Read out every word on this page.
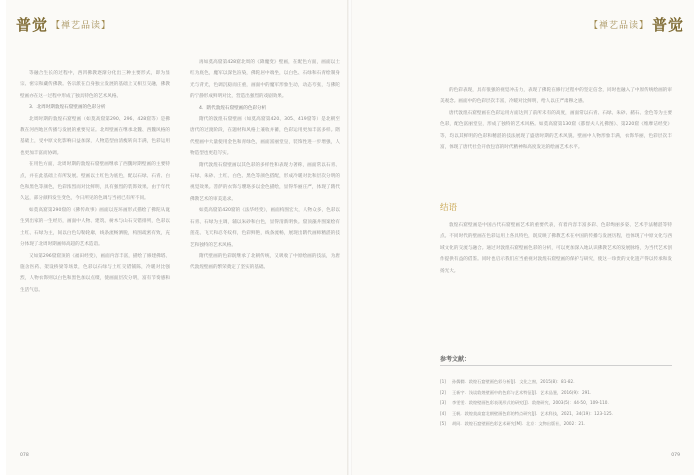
普觉 【禅艺品读】

等融合生长的过程中，西凹佛教逐渐分化出三种主要形式，即为显宗、密宗和藏传佛教。各宗派在自身独立发展的基础上又相互交融，佛教壁画亦在这一过程中形成了独具特色的艺术风格。

3．北周时期敦煌石窟壁画的色彩分析

北周时期的敦煌石窟壁画（如莫高窟第290、296、428窟等）是佛教在河西地区传播与发展的重要见证。北周壁画在继承北魏、西魏风格的基础上，受中原文化影响日益加深，人物造型由清瘦转向丰满，色彩运用也更加丰富而协调。

在用色方面，北周时期的敦煌石窟壁画继承了西魏时期壁画的主要特点，并在此基础上有所发展。壁画以土红色为底色，配以石绿、石青、白色和黑色等颜色，色彩浓烈而对比鲜明，具有强烈的装饰效果。由于年代久远，部分颜料发生变色，今日所见的色调与当初已有所不同。

如莫高窟第290窟的《佛传故事》画面以连环画形式描绘了佛陀从诞生到出家的一生经历，画面中人物、建筑、树木与山石交错排列，色彩以土红、石绿为主，间以白色勾勒轮廓，线条流畅洒脱，构图疏密有致，充分体现了北周时期画师高超的艺术造诣。

又如第296窟窟顶的《福田经变》，画面内容丰富，描绘了修建佛塔、施舍医药、架设桥梁等场景，色彩以石绿与土红交错铺陈，冷暖对比强烈，人物衣饰则以白色和黑色加以点缀，使画面层次分明，富有节奏感和生活气息。

再如莫高窟第428窟北周的《降魔变》壁画，在配色方面，画面以土红为底色，魔军以深色渲染，佛陀居中端坐，以白色、石绿和石青绘制身光与背光，色调沉稳而庄重，画面中的魔军形象生动，动态夸张，与佛陀的宁静形成鲜明对比，营造出强烈的戏剧效果。

4．隋代敦煌石窟壁画的色彩分析

隋代的敦煌石窟壁画（如莫高窟第420、305、419窟等）是北朝至唐代的过渡阶段，在题材和风格上兼收并蓄，色彩运用更加丰富多样。隋代壁画中大量使用金色和青绿色，画面富丽堂皇，装饰性进一步增强，人物造型也更趋写实。

隋代敦煌石窟壁画以其色彩的多样性和表现力著称，画面常以石青、石绿、朱砂、土红、白色、黑色等颜色搭配，形成冷暖对比和层次分明的视觉效果。菩萨的衣饰与璎珞多以金色描绘，显得华丽庄严，体现了隋代佛教艺术的审美追求。

如莫高窟第420窟的《法华经变》，画面构图宏大，人物众多，色彩以石青、石绿为主调，辅以朱砂和白色，显得清新明快。窟顶藻井图案绘有莲花、飞天和忍冬纹样，色彩鲜艳，线条流畅，展现出隋代画师精湛的技艺和独特的艺术风格。

隋代壁画的色彩既继承了北朝传统，又吸收了中原绘画的技法，为唐代敦煌壁画的繁荣奠定了坚实的基础。

078
【禅艺品读】 普觉

的色彩表现，具有很强的视觉冲击力，表现了佛陀在修行过程中的坚定信念，同时也融入了中原传统绘画的审美观念。画面中的色彩层次丰富，冷暖对比鲜明，给人以庄严肃穆之感。

唐代敦煌石窟壁画在色彩运用方面达到了前所未有的高度，画面常以石青、石绿、朱砂、赭石、金色等为主要色彩，配色富丽堂皇，形成了独特的艺术风格。如莫高窟第130窟《都督夫人礼佛图》、第220窟《维摩诘经变》等，均以其鲜明的色彩和精湛的技法展现了盛唐时期的艺术风貌。壁画中人物形象丰满，衣饰华丽，色彩层次丰富，体现了唐代社会开放包容的时代精神和高度发达的绘画艺术水平。

结语

敦煌石窟壁画是中国古代石窟壁画艺术的重要代表，有着内容丰富多彩、色彩绚丽多姿、艺术手法精湛等特点。不同时代的壁画在色彩运用上各具特色，既反映了佛教艺术在中国的传播与发展历程，也体现了中原文化与西域文化的交流与融合。通过对敦煌石窟壁画色彩的分析，可以更加深入地认识佛教艺术的发展脉络，为当代艺术创作提供有益的借鉴。同时也启示我们应当重视对敦煌石窟壁画的保护与研究，使这一珍贵的文化遗产得以传承和发扬光大。

参考文献：
[1] 孙儒僩．敦煌石窟壁画色彩分析[J]．文化之窗，2015(8)：81-82．
[2] 王新宇．浅谈敦煌壁画中的色彩与艺术特征[J]．艺术品鉴，2016(9)：291．
[3] 李雯雯．敦煌壁画色彩表现形式的研究[J]．敦煌研究，2003(5)：44-50，109-110．
[4] 王帆．敦煌莫高窟北朝壁画色彩的特点研究[J]．艺术科技，2021，34(19)：123-125．
[5] 胡同．敦煌石窟壁画色彩艺术研究[M]．北京：文物出版社，2002：21．
079
